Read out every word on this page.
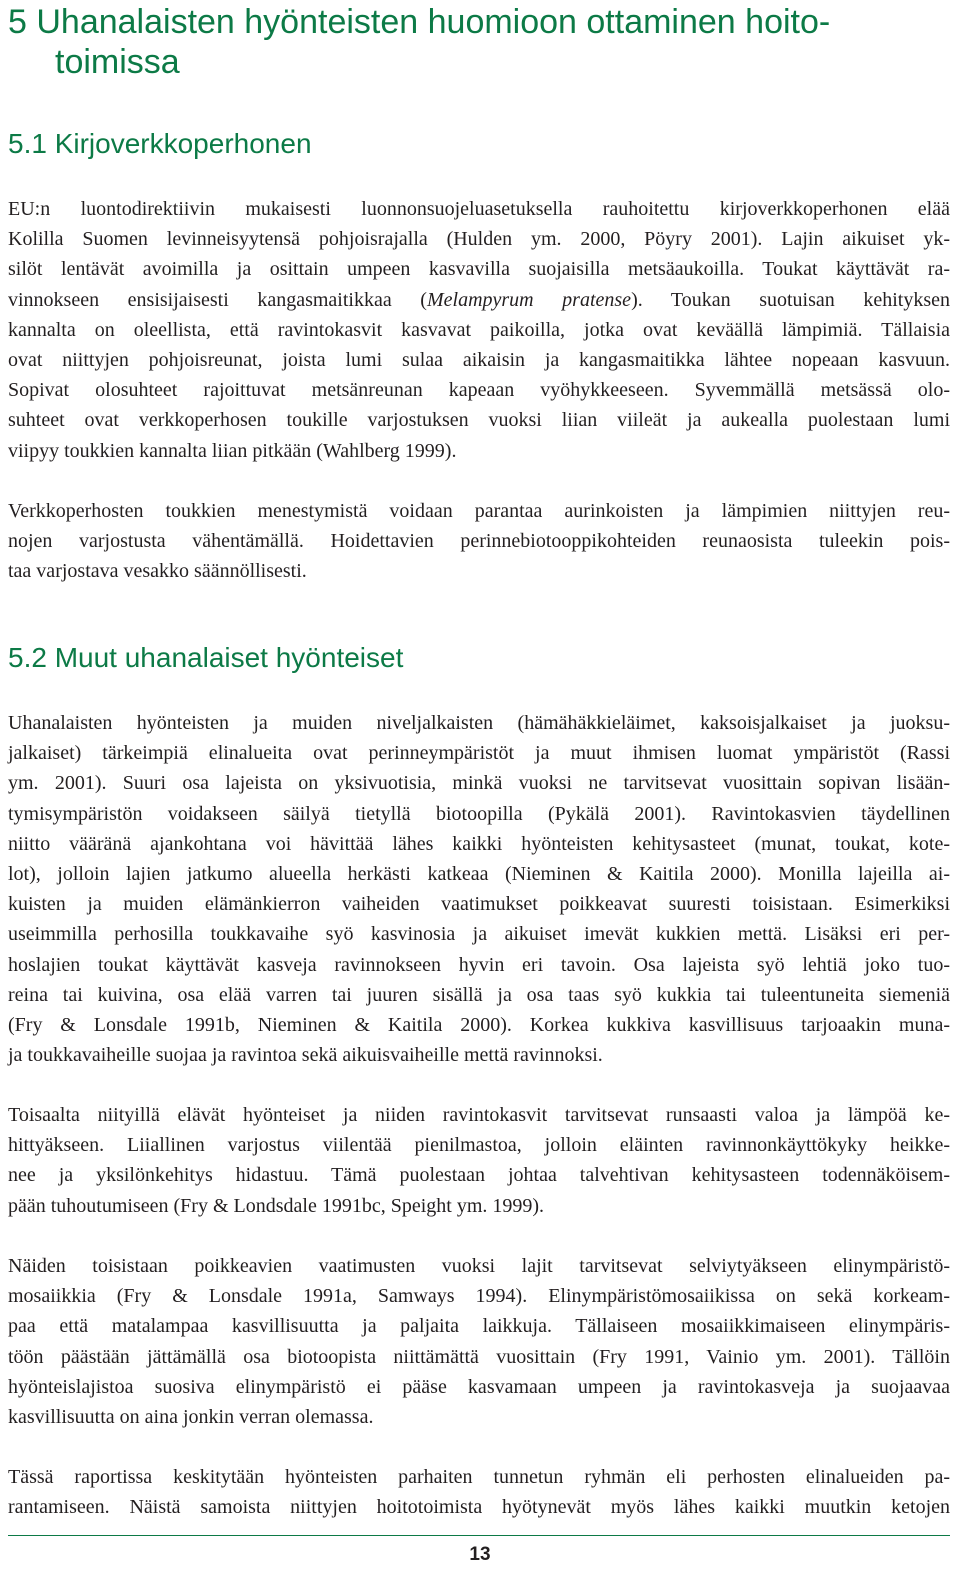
5 Uhanalaisten hyönteisten huomioon ottaminen hoito-
toimissa
5.1 Kirjoverkkoperhonen
EU:n luontodirektiivin mukaisesti luonnonsuojeluasetuksella rauhoitettu kirjoverkkoperhonen elää
Kolilla Suomen levinneisyytensä pohjoisrajalla (Hulden ym. 2000, Pöyry 2001). Lajin aikuiset yk-
silöt lentävät avoimilla ja osittain umpeen kasvavilla suojaisilla metsäaukoilla. Toukat käyttävät ra-
vinnokseen ensisijaisesti kangasmaitikkaa (Melampyrum pratense). Toukan suotuisan kehityksen
kannalta on oleellista, että ravintokasvit kasvavat paikoilla, jotka ovat keväällä lämpimiä. Tällaisia
ovat niittyjen pohjoisreunat, joista lumi sulaa aikaisin ja kangasmaitikka lähtee nopeaan kasvuun.
Sopivat olosuhteet rajoittuvat metsänreunan kapeaan vyöhykkeeseen. Syvemmällä metsässä olo-
suhteet ovat verkkoperhosen toukille varjostuksen vuoksi liian viileät ja aukealla puolestaan lumi
viipyy toukkien kannalta liian pitkään (Wahlberg 1999).
Verkkoperhosten toukkien menestymistä voidaan parantaa aurinkoisten ja lämpimien niittyjen reu-
nojen varjostusta vähentämällä. Hoidettavien perinnebiotooppikohteiden reunaosista tuleekin pois-
taa varjostava vesakko säännöllisesti.
5.2 Muut uhanalaiset hyönteiset
Uhanalaisten hyönteisten ja muiden niveljalkaisten (hämähäkkieläimet, kaksoisjalkaiset ja juoksu-
jalkaiset) tärkeimpiä elinalueita ovat perinneympäristöt ja muut ihmisen luomat ympäristöt (Rassi
ym. 2001). Suuri osa lajeista on yksivuotisia, minkä vuoksi ne tarvitsevat vuosittain sopivan lisään-
tymisympäristön voidakseen säilyä tietyllä biotoopilla (Pykälä 2001). Ravintokasvien täydellinen
niitto vääränä ajankohtana voi hävittää lähes kaikki hyönteisten kehitysasteet (munat, toukat, kote-
lot), jolloin lajien jatkumo alueella herkästi katkeaa (Nieminen & Kaitila 2000). Monilla lajeilla ai-
kuisten ja muiden elämänkierron vaiheiden vaatimukset poikkeavat suuresti toisistaan. Esimerkiksi
useimmilla perhosilla toukkavaihe syö kasvinosia ja aikuiset imevät kukkien mettä. Lisäksi eri per-
hoslajien toukat käyttävät kasveja ravinnokseen hyvin eri tavoin. Osa lajeista syö lehtiä joko tuo-
reina tai kuivina, osa elää varren tai juuren sisällä ja osa taas syö kukkia tai tuleentuneita siemeniä
(Fry & Lonsdale 1991b, Nieminen & Kaitila 2000). Korkea kukkiva kasvillisuus tarjoaakin muna-
ja toukkavaiheille suojaa ja ravintoa sekä aikuisvaiheille mettä ravinnoksi.
Toisaalta niityillä elävät hyönteiset ja niiden ravintokasvit tarvitsevat runsaasti valoa ja lämpöä ke-
hittyäkseen. Liiallinen varjostus viilentää pienilmastoa, jolloin eläinten ravinnonkäyttökyky heikke-
nee ja yksilönkehitys hidastuu. Tämä puolestaan johtaa talvehtivan kehitysasteen todennäköisem-
pään tuhoutumiseen (Fry & Londsdale 1991bc, Speight ym. 1999).
Näiden toisistaan poikkeavien vaatimusten vuoksi lajit tarvitsevat selviytyäkseen elinympäristö-
mosaiikkia (Fry & Lonsdale 1991a, Samways 1994). Elinympäristömosaiikissa on sekä korkeam-
paa että matalampaa kasvillisuutta ja paljaita laikkuja. Tällaiseen mosaiikkimaiseen elinympäris-
töön päästään jättämällä osa biotoopista niittämättä vuosittain (Fry 1991, Vainio ym. 2001). Tällöin
hyönteislajistoa suosiva elinympäristö ei pääse kasvamaan umpeen ja ravintokasveja ja suojaavaa
kasvillisuutta on aina jonkin verran olemassa.
Tässä raportissa keskitytään hyönteisten parhaiten tunnetun ryhmän eli perhosten elinalueiden pa-
rantamiseen. Näistä samoista niittyjen hoitotoimista hyötynevät myös lähes kaikki muutkin ketojen
13
